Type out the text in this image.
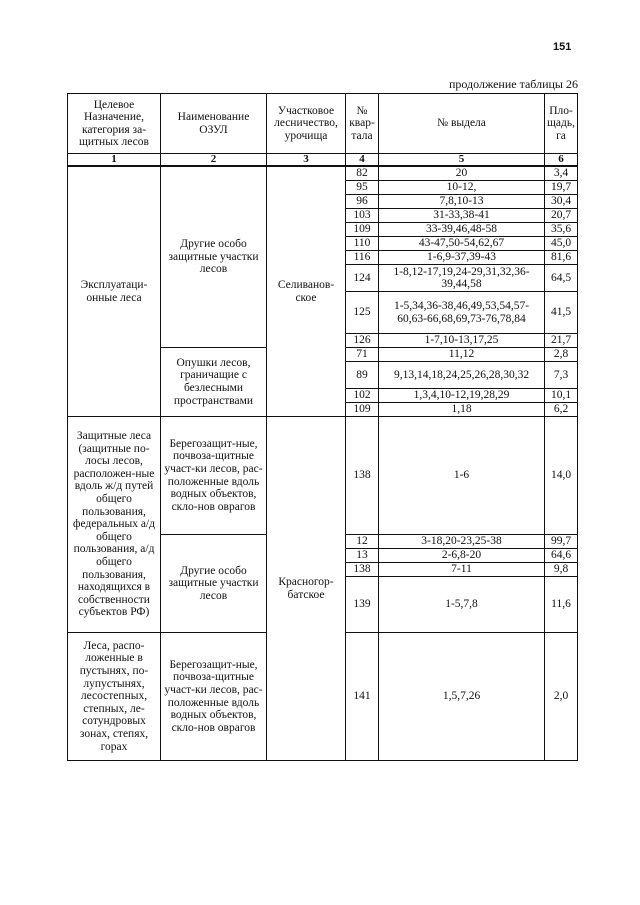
151
продолжение таблицы 26
Целевое Назначение, категория за-щитных лесов	Наименование ОЗУЛ	Участковое лесничество, урочища	№ квар-тала	№ выдела	Пло-щадь, га
1	2	3	4	5	6
Эксплуатаци-онные леса	Другие особо защитные участки лесов	Селиванов-ское	82	20	3,4
			95	10-12,	19,7
			96	7,8,10-13	30,4
			103	31-33,38-41	20,7
			109	33-39,46,48-58	35,6
			110	43-47,50-54,62,67	45,0
			116	1-6,9-37,39-43	81,6
			124	1-8,12-17,19,24-29,31,32,36-39,44,58	64,5
			125	1-5,34,36-38,46,49,53,54,57-60,63-66,68,69,73-76,78,84	41,5
			126	1-7,10-13,17,25	21,7
	Опушки лесов, граничащие с безлесными пространствами		71	11,12	2,8
			89	9,13,14,18,24,25,26,28,30,32	7,3
			102	1,3,4,10-12,19,28,29	10,1
			109	1,18	6,2
Защитные леса (защитные по-лосы лесов, расположен-ные вдоль ж/д путей общего пользования, федеральных а/д общего пользования, а/д общего пользования, находящихся в собственности субъектов РФ)	Берегозащит-ные, почвоза-щитные участ-ки лесов, рас-положенные вдоль водных объектов, скло-нов оврагов	Красногор-батское	138	1-6	14,0
	Другие особо защитные участки лесов		12	3-18,20-23,25-38	99,7
			13	2-6,8-20	64,6
			138	7-11	9,8
			139	1-5,7,8	11,6
Леса, распо-ложенные в пустынях, по-лупустынях, лесостепных, степных, ле-сотундровых зонах, степях, горах	Берегозащит-ные, почвоза-щитные участ-ки лесов, рас-положенные вдоль водных объектов, скло-нов оврагов		141	1,5,7,26	2,0
